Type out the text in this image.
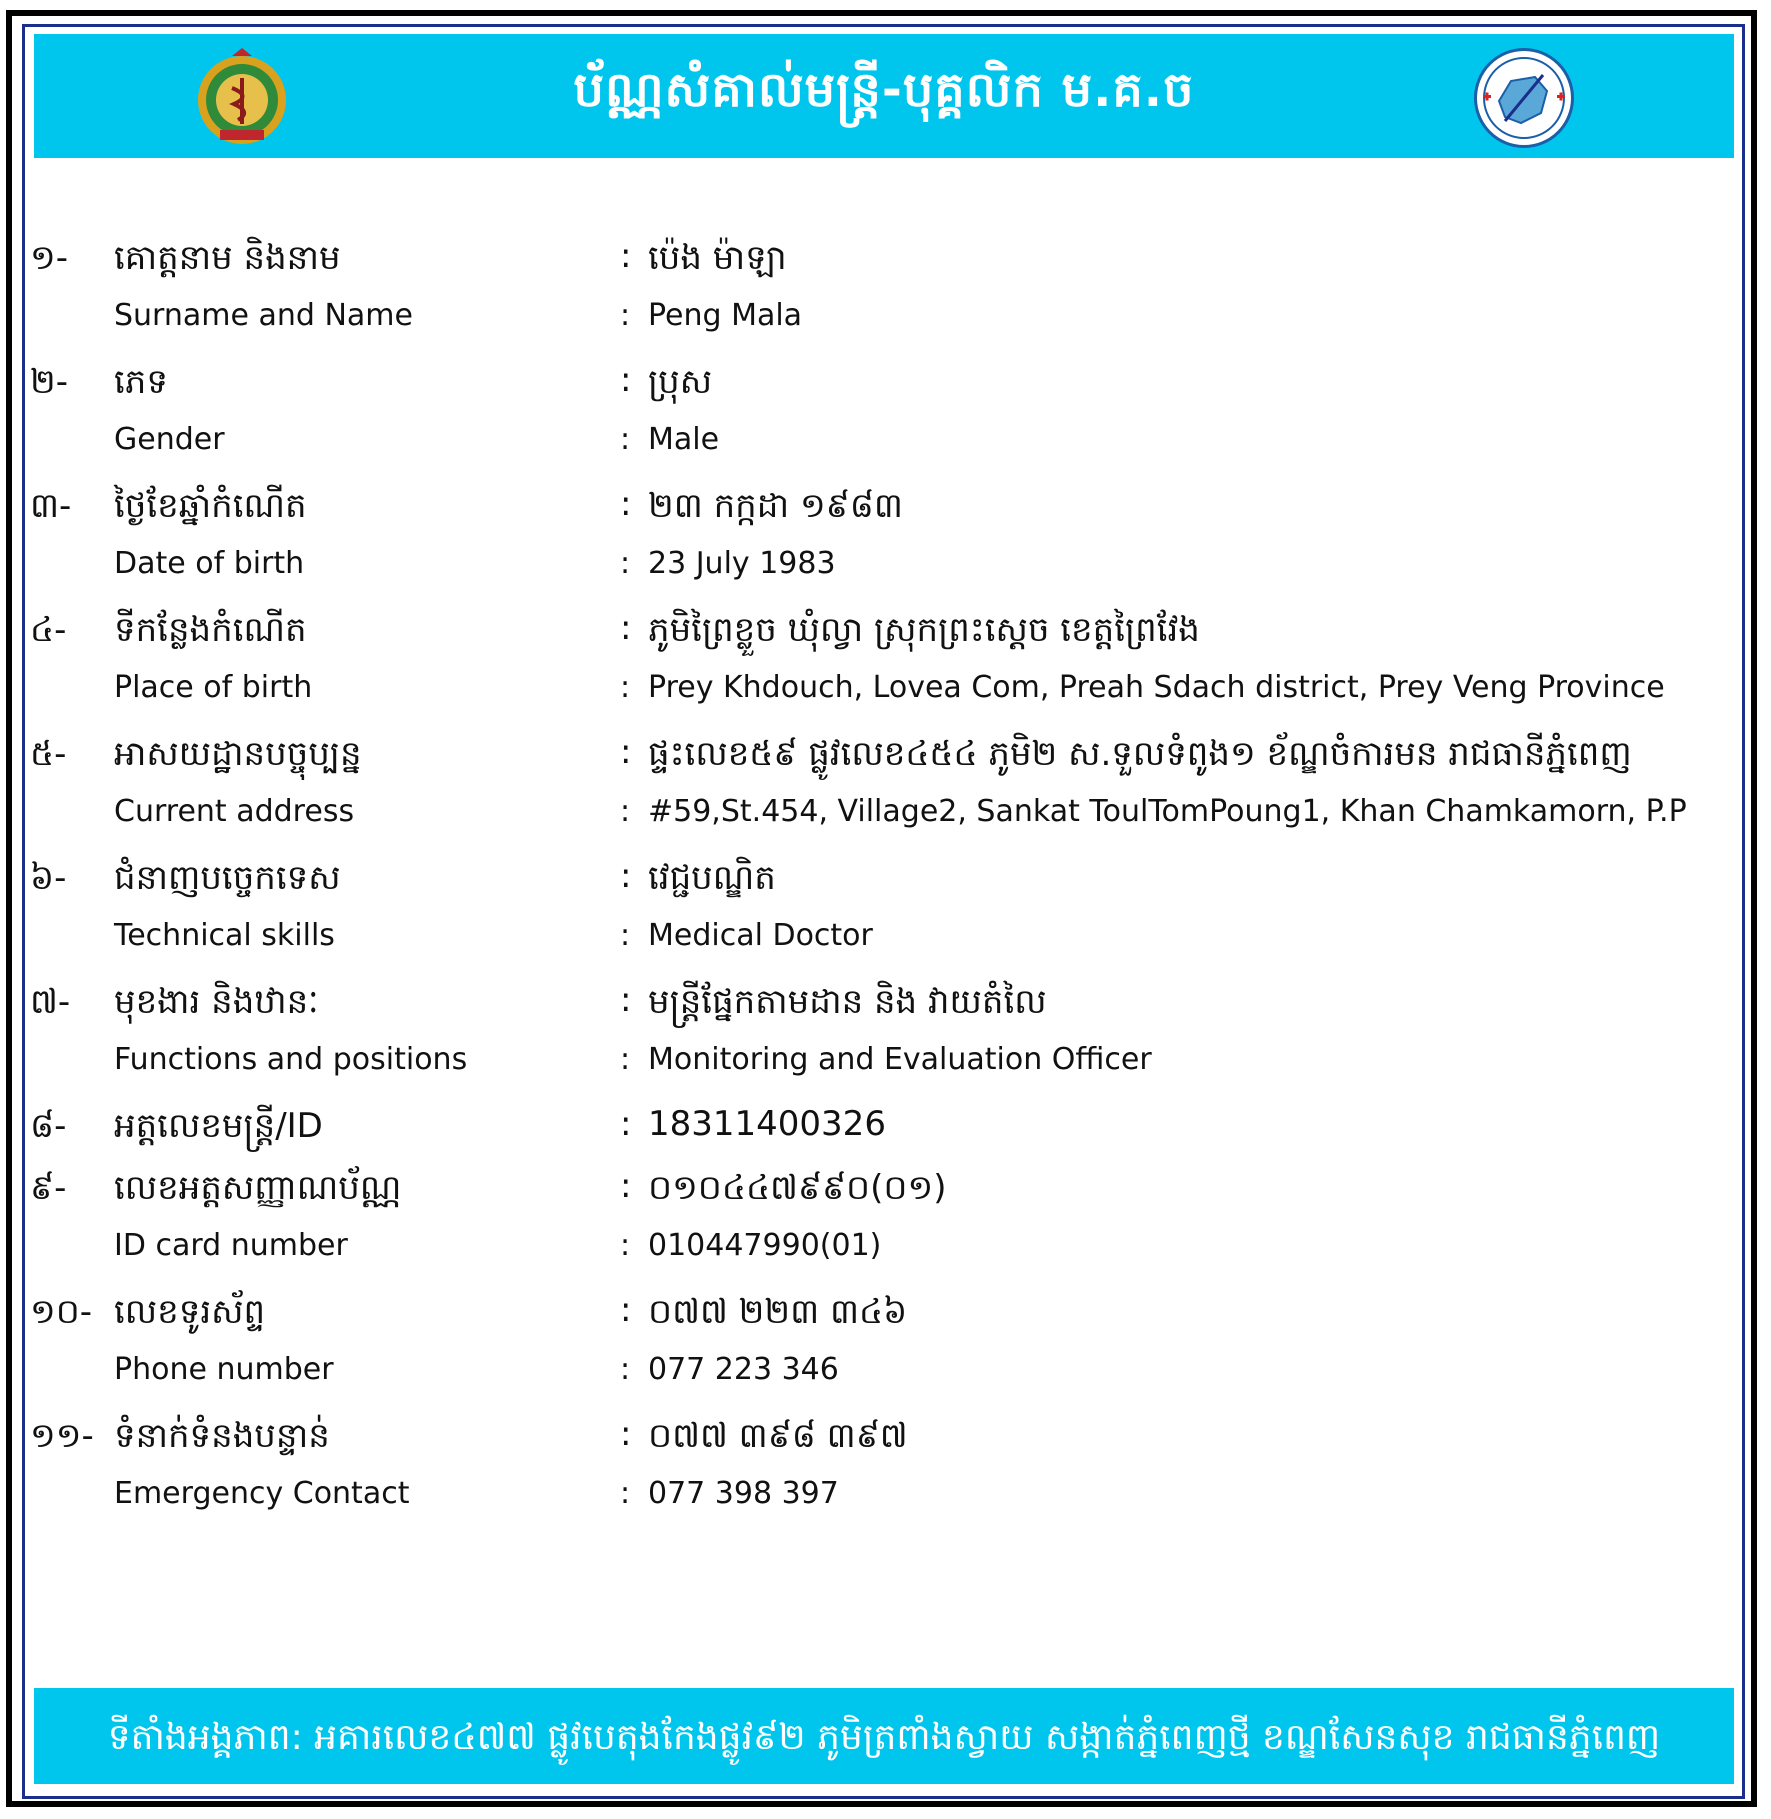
ប័ណ្ណសំគាល់មន្ត្រី-បុគ្គលិក ម.គ.ច
១- គោត្តនាម និងនាម	: ប៉េង ម៉ាឡា
Surname and Name	: Peng Mala
២- ភេទ	: ប្រុស
Gender	: Male
៣- ថ្ងៃខែឆ្នាំកំណើត	: ២៣ កក្កដា ១៩៨៣
Date of birth	: 23 July 1983
៤- ទីកន្លែងកំណើត	: ភូមិព្រៃខ្លួច ឃុំល្វា ស្រុកព្រះស្តេច ខេត្តព្រៃវែង
Place of birth	: Prey Khdouch, Lovea Com, Preah Sdach district, Prey Veng Province
៥- អាសយដ្ឋានបច្ចុប្បន្ន	: ផ្ទះលេខ៥៩ ផ្លូវលេខ៤៥៤ ភូមិ២ ស.ទួលទំពូង១ ខ័ណ្ឌចំការមន រាជធានីភ្នំពេញ
Current address	: #59,St.454, Village2, Sankat ToulTomPoung1, Khan Chamkamorn, P.P
៦- ជំនាញបច្ចេកទេស	: វេជ្ជបណ្ឌិត
Technical skills	: Medical Doctor
៧- មុខងារ និងឋានៈ	: មន្ត្រីផ្នែកតាមដាន និង វាយតំលៃ
Functions and positions	: Monitoring and Evaluation Officer
៨- អត្តលេខមន្ត្រី/ID	: 18311400326
៩- លេខអត្តសញ្ញាណប័ណ្ណ	: ០១០៤៤៧៩៩០(០១)
ID card number	: 010447990(01)
១០- លេខទូរស័ព្ទ	: ០៧៧ ២២៣ ៣៤៦
Phone number	: 077 223 346
១១- ទំនាក់ទំនងបន្ទាន់	: ០៧៧ ៣៩៨ ៣៩៧
Emergency Contact	: 077 398 397
ទីតាំងអង្គភាព: អគារលេខ៤៧៧ ផ្លូវបេតុងកែងផ្លូវ៩២ ភូមិត្រពាំងស្វាយ សង្កាត់ភ្នំពេញថ្មី ខណ្ឌសែនសុខ រាជធានីភ្នំពេញ
